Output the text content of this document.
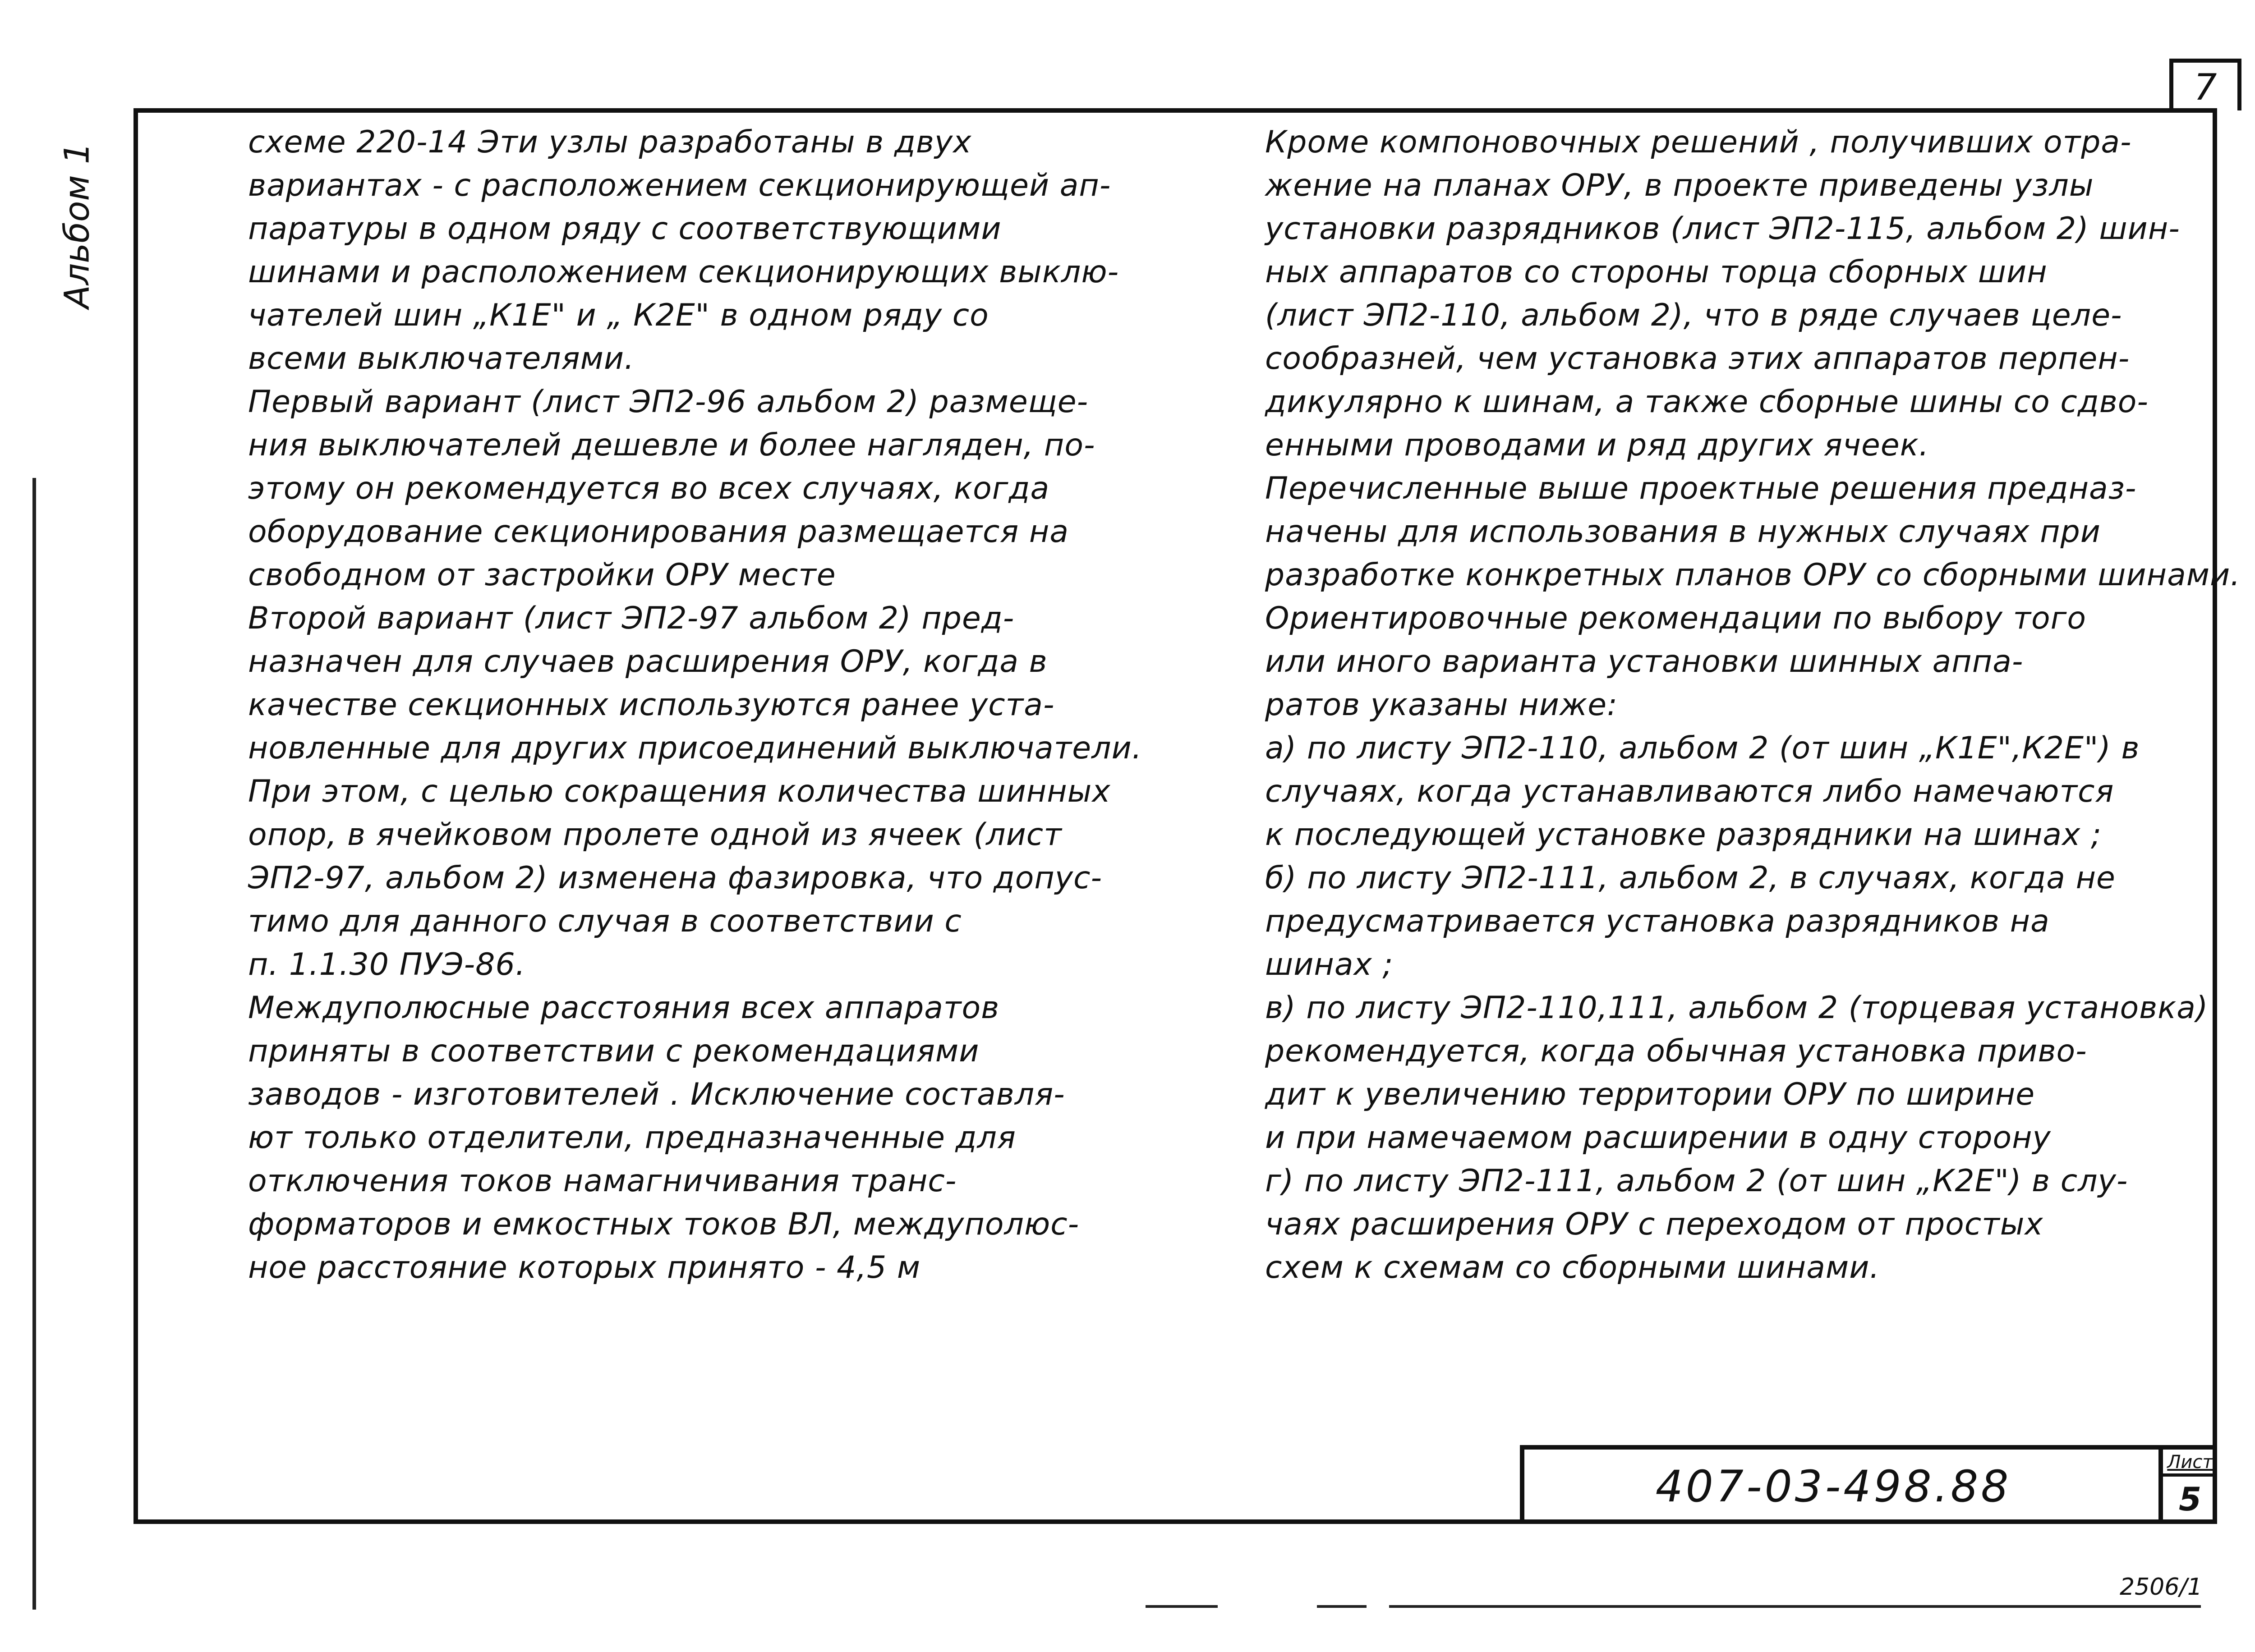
7
Альбом 1
схеме 220-14 Эти узлы разработаны в двух
вариантах - с расположением секционирующей ап-
паратуры в одном ряду с соответствующими
шинами и расположением секционирующих выклю-
чателей шин „К1Е" и „ К2Е" в одном ряду со
всеми выключателями.
Первый вариант (лист ЭП2-96 альбом 2) размеще-
ния выключателей дешевле и более нагляден, по-
этому он рекомендуется во всех случаях, когда
оборудование секционирования размещается на
свободном от застройки ОРУ месте
Второй вариант (лист ЭП2-97 альбом 2) пред-
назначен для случаев расширения ОРУ, когда в
качестве секционных используются ранее уста-
новленные для других присоединений выключатели.
При этом, с целью сокращения количества шинных
опор, в ячейковом пролете одной из ячеек (лист
ЭП2-97, альбом 2) изменена фазировка, что допус-
тимо для данного случая в соответствии с
п. 1.1.30 ПУЭ-86.
Междуполюсные расстояния всех аппаратов
приняты в соответствии с рекомендациями
заводов - изготовителей . Исключение составля-
ют только отделители, предназначенные для
отключения токов намагничивания транс-
форматоров и емкостных токов ВЛ, междуполюс-
ное расстояние которых принято - 4,5 м
Кроме компоновочных решений , получивших отра-
жение на планах ОРУ, в проекте приведены узлы
установки разрядников (лист ЭП2-115, альбом 2) шин-
ных аппаратов со стороны торца сборных шин
(лист ЭП2-110, альбом 2), что в ряде случаев целе-
сообразней, чем установка этих аппаратов перпен-
дикулярно к шинам, а также сборные шины со сдво-
енными проводами и ряд других ячеек.
Перечисленные выше проектные решения предназ-
начены для использования в нужных случаях при
разработке конкретных планов ОРУ со сборными шинами.
Ориентировочные рекомендации по выбору того
или иного варианта установки шинных аппа-
ратов указаны ниже:
а) по листу ЭП2-110, альбом 2 (от шин „К1Е",К2Е") в
случаях, когда устанавливаются либо намечаются
к последующей установке разрядники на шинах ;
б) по листу ЭП2-111, альбом 2, в случаях, когда не
предусматривается установка разрядников на
шинах ;
в) по листу ЭП2-110,111, альбом 2 (торцевая установка)
рекомендуется, когда обычная установка приво-
дит к увеличению территории ОРУ по ширине
и при намечаемом расширении в одну сторону
г) по листу ЭП2-111, альбом 2 (от шин „К2Е") в слу-
чаях расширения ОРУ с переходом от простых
схем к схемам со сборными шинами.
407-03-498.88	Лист
5
2506/1
